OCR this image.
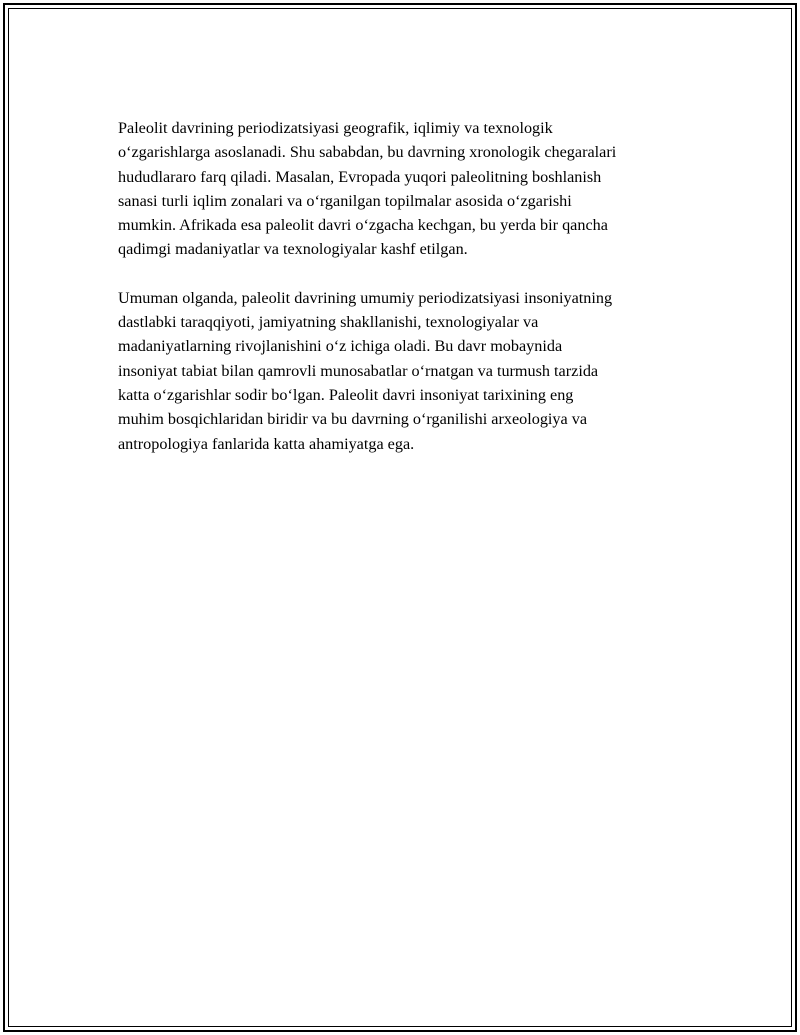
Paleolit davrining periodizatsiyasi geografik, iqlimiy va texnologik
o‘zgarishlarga asoslanadi. Shu sababdan, bu davrning xronologik chegaralari
hududlararo farq qiladi. Masalan, Evropada yuqori paleolitning boshlanish
sanasi turli iqlim zonalari va o‘rganilgan topilmalar asosida o‘zgarishi
mumkin. Afrikada esa paleolit davri o‘zgacha kechgan, bu yerda bir qancha
qadimgi madaniyatlar va texnologiyalar kashf etilgan.

Umuman olganda, paleolit davrining umumiy periodizatsiyasi insoniyatning
dastlabki taraqqiyoti, jamiyatning shakllanishi, texnologiyalar va
madaniyatlarning rivojlanishini o‘z ichiga oladi. Bu davr mobaynida
insoniyat tabiat bilan qamrovli munosabatlar o‘rnatgan va turmush tarzida
katta o‘zgarishlar sodir bo‘lgan. Paleolit davri insoniyat tarixining eng
muhim bosqichlaridan biridir va bu davrning o‘rganilishi arxeologiya va
antropologiya fanlarida katta ahamiyatga ega.
